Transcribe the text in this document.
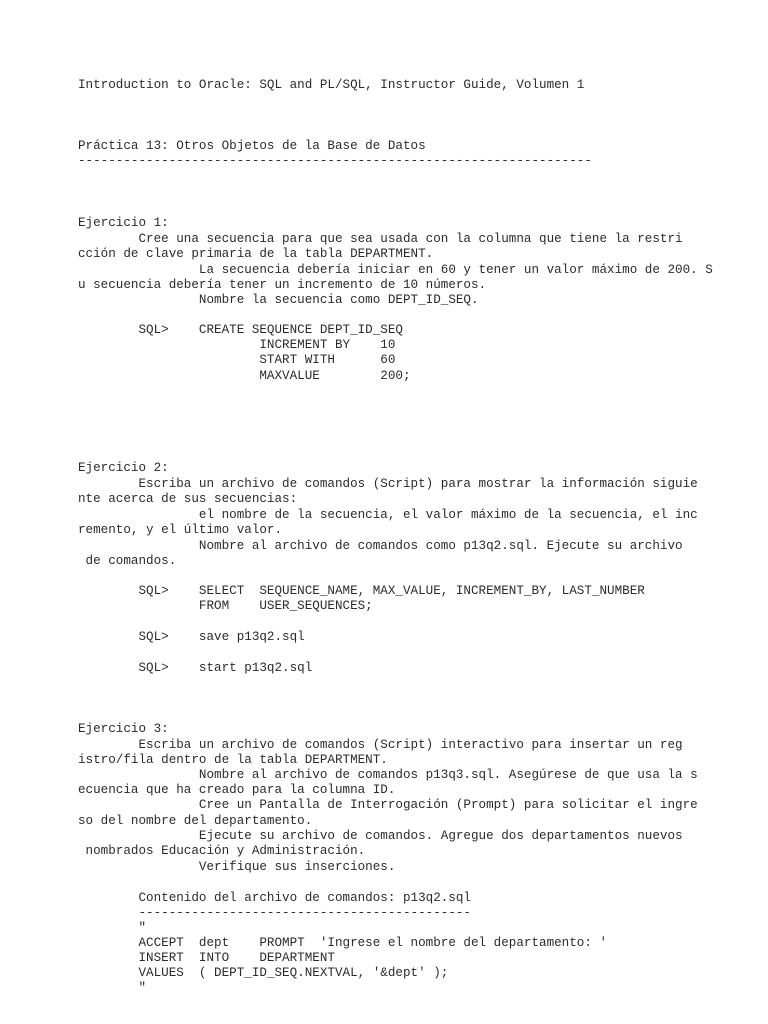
Introduction to Oracle: SQL and PL/SQL, Instructor Guide, Volumen 1
Práctica 13: Otros Objetos de la Base de Datos
--------------------------------------------------------------------
Ejercicio 1:
Cree una secuencia para que sea usada con la columna que tiene la restri
cción de clave primaria de la tabla DEPARTMENT.
La secuencia debería iniciar en 60 y tener un valor máximo de 200. S
u secuencia debería tener un incremento de 10 números.
Nombre la secuencia como DEPT_ID_SEQ.
SQL>    CREATE SEQUENCE DEPT_ID_SEQ
INCREMENT BY    10
START WITH      60
MAXVALUE        200;
Ejercicio 2:
Escriba un archivo de comandos (Script) para mostrar la información siguie
nte acerca de sus secuencias:
el nombre de la secuencia, el valor máximo de la secuencia, el inc
remento, y el último valor.
Nombre al archivo de comandos como p13q2.sql. Ejecute su archivo
de comandos.
SQL>    SELECT  SEQUENCE_NAME, MAX_VALUE, INCREMENT_BY, LAST_NUMBER
FROM    USER_SEQUENCES;
SQL>    save p13q2.sql
SQL>    start p13q2.sql
Ejercicio 3:
Escriba un archivo de comandos (Script) interactivo para insertar un reg
istro/fila dentro de la tabla DEPARTMENT.
Nombre al archivo de comandos p13q3.sql. Asegúrese de que usa la s
ecuencia que ha creado para la columna ID.
Cree un Pantalla de Interrogación (Prompt) para solicitar el ingre
so del nombre del departamento.
Ejecute su archivo de comandos. Agregue dos departamentos nuevos
nombrados Educación y Administración.
Verifique sus inserciones.
Contenido del archivo de comandos: p13q2.sql
--------------------------------------------
"
ACCEPT  dept    PROMPT  'Ingrese el nombre del departamento: '
INSERT  INTO    DEPARTMENT
VALUES  ( DEPT_ID_SEQ.NEXTVAL, '&dept' );
"
